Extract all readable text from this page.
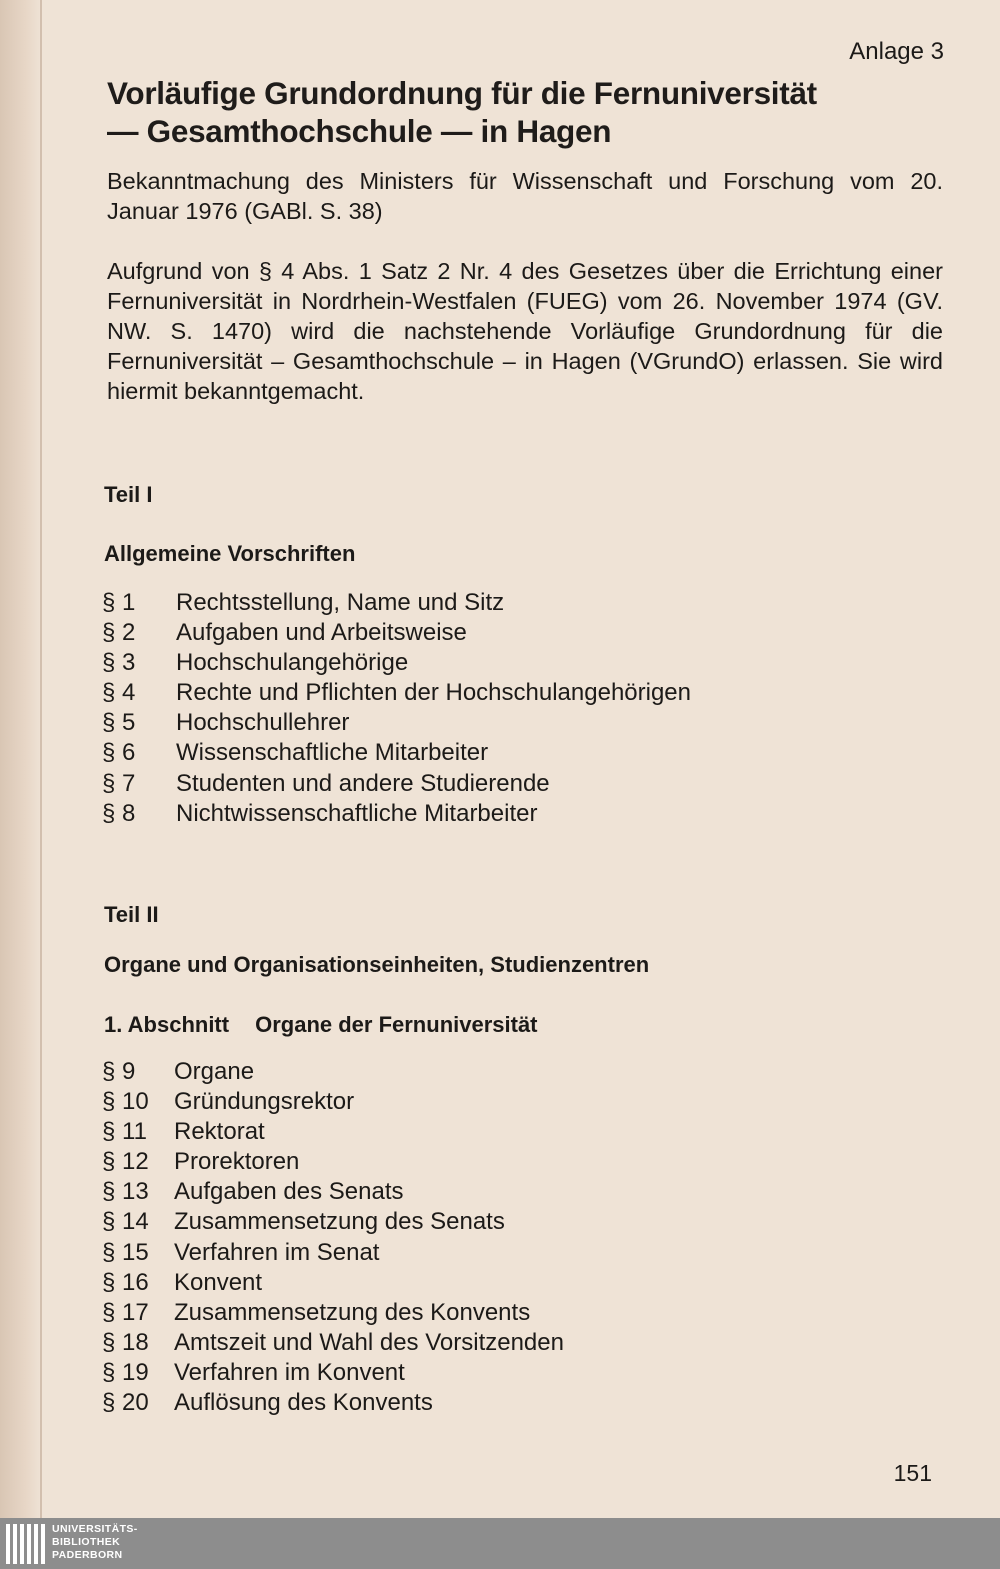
Anlage 3
Vorläufige Grundordnung für die Fernuniversität
— Gesamthochschule — in Hagen

Bekanntmachung des Ministers für Wissenschaft und Forschung vom 20. Januar 1976 (GABl. S. 38)

Aufgrund von § 4 Abs. 1 Satz 2 Nr. 4 des Gesetzes über die Errichtung einer Fernuniversität in Nordrhein-Westfalen (FUEG) vom 26. November 1974 (GV. NW. S. 1470) wird die nachstehende Vorläufige Grundordnung für die Fernuniversität – Gesamthochschule – in Hagen (VGrundO) erlassen. Sie wird hiermit bekanntgemacht.

Teil I
Allgemeine Vorschriften
§ 1 Rechtsstellung, Name und Sitz
§ 2 Aufgaben und Arbeitsweise
§ 3 Hochschulangehörige
§ 4 Rechte und Pflichten der Hochschulangehörigen
§ 5 Hochschullehrer
§ 6 Wissenschaftliche Mitarbeiter
§ 7 Studenten und andere Studierende
§ 8 Nichtwissenschaftliche Mitarbeiter
Teil II
Organe und Organisationseinheiten, Studienzentren
1. Abschnitt Organe der Fernuniversität
§ 9 Organe
§ 10 Gründungsrektor
§ 11 Rektorat
§ 12 Prorektoren
§ 13 Aufgaben des Senats
§ 14 Zusammensetzung des Senats
§ 15 Verfahren im Senat
§ 16 Konvent
§ 17 Zusammensetzung des Konvents
§ 18 Amtszeit und Wahl des Vorsitzenden
§ 19 Verfahren im Konvent
§ 20 Auflösung des Konvents
151
UNIVERSITÄTS-
BIBLIOTHEK
PADERBORN
